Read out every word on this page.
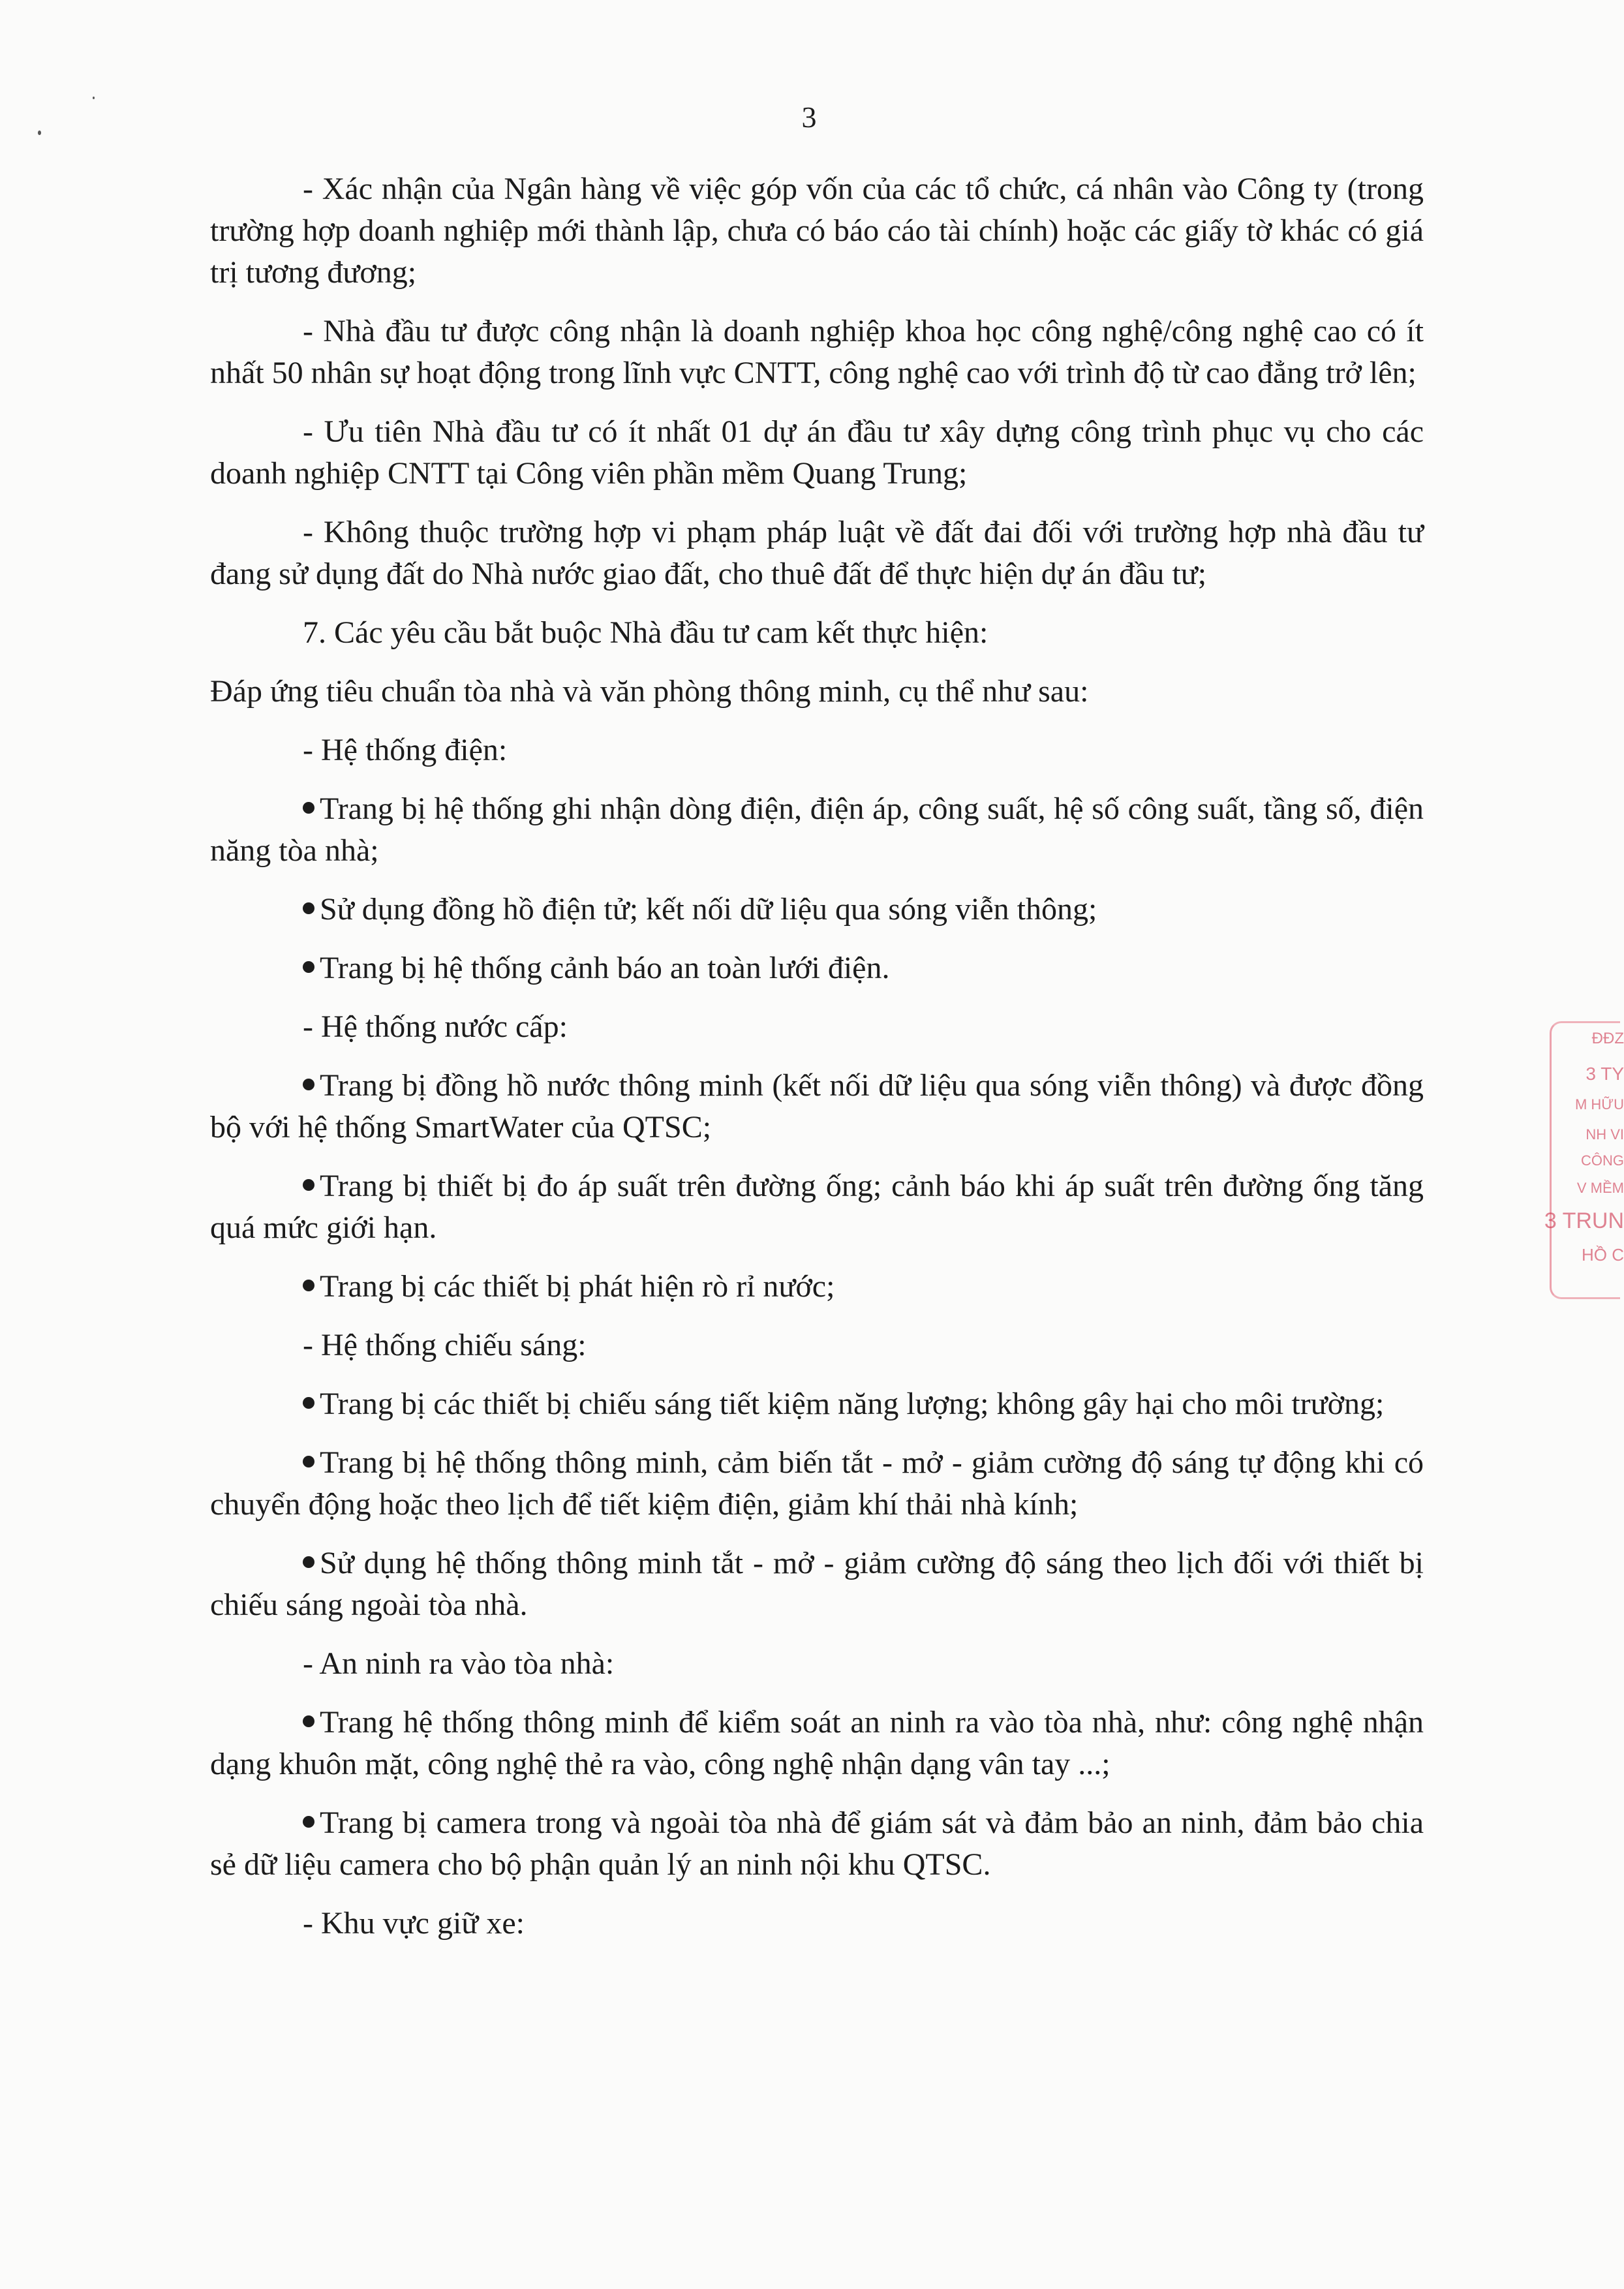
3

- Xác nhận của Ngân hàng về việc góp vốn của các tổ chức, cá nhân vào Công ty (trong trường hợp doanh nghiệp mới thành lập, chưa có báo cáo tài chính) hoặc các giấy tờ khác có giá trị tương đương;

- Nhà đầu tư được công nhận là doanh nghiệp khoa học công nghệ/công nghệ cao có ít nhất 50 nhân sự hoạt động trong lĩnh vực CNTT, công nghệ cao với trình độ từ cao đẳng trở lên;

- Ưu tiên Nhà đầu tư có ít nhất 01 dự án đầu tư xây dựng công trình phục vụ cho các doanh nghiệp CNTT tại Công viên phần mềm Quang Trung;

- Không thuộc trường hợp vi phạm pháp luật về đất đai đối với trường hợp nhà đầu tư đang sử dụng đất do Nhà nước giao đất, cho thuê đất để thực hiện dự án đầu tư;

7. Các yêu cầu bắt buộc Nhà đầu tư cam kết thực hiện:

Đáp ứng tiêu chuẩn tòa nhà và văn phòng thông minh, cụ thể như sau:

- Hệ thống điện:

Trang bị hệ thống ghi nhận dòng điện, điện áp, công suất, hệ số công suất, tầng số, điện năng tòa nhà;

Sử dụng đồng hồ điện tử; kết nối dữ liệu qua sóng viễn thông;

Trang bị hệ thống cảnh báo an toàn lưới điện.

- Hệ thống nước cấp:

Trang bị đồng hồ nước thông minh (kết nối dữ liệu qua sóng viễn thông) và được đồng bộ với hệ thống SmartWater của QTSC;

Trang bị thiết bị đo áp suất trên đường ống; cảnh báo khi áp suất trên đường ống tăng quá mức giới hạn.

Trang bị các thiết bị phát hiện rò rỉ nước;

- Hệ thống chiếu sáng:

Trang bị các thiết bị chiếu sáng tiết kiệm năng lượng; không gây hại cho môi trường;

Trang bị hệ thống thông minh, cảm biến tắt - mở - giảm cường độ sáng tự động khi có chuyển động hoặc theo lịch để tiết kiệm điện, giảm khí thải nhà kính;

Sử dụng hệ thống thông minh tắt - mở - giảm cường độ sáng theo lịch đối với thiết bị chiếu sáng ngoài tòa nhà.

- An ninh ra vào tòa nhà:

Trang hệ thống thông minh để kiểm soát an ninh ra vào tòa nhà, như: công nghệ nhận dạng khuôn mặt, công nghệ thẻ ra vào, công nghệ nhận dạng vân tay ...;

Trang bị camera trong và ngoài tòa nhà để giám sát và đảm bảo an ninh, đảm bảo chia sẻ dữ liệu camera cho bộ phận quản lý an ninh nội khu QTSC.

- Khu vực giữ xe:

ĐĐZ
3 TY
M HỮU
NH VI
CÔNG
V MỀM
3 TRUN
HỒ C
